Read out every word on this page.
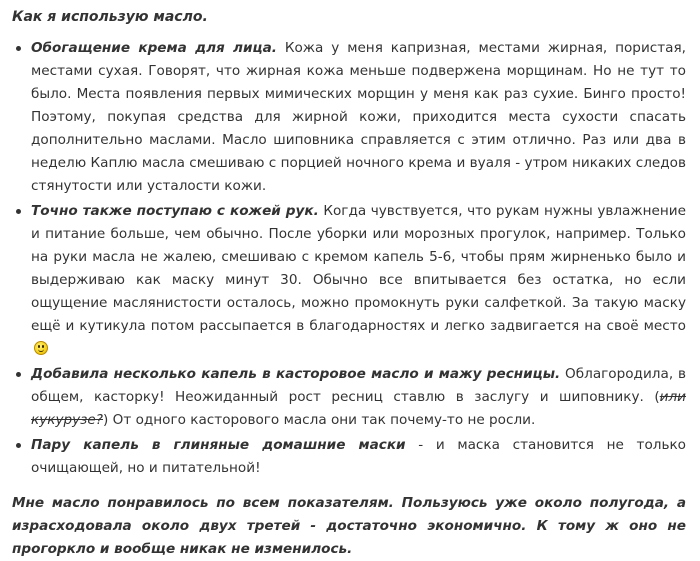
Как я использую масло.

Обогащение крема для лица. Кожа у меня капризная, местами жирная, пористая, местами сухая. Говорят, что жирная кожа меньше подвержена морщинам. Но не тут то было. Места появления первых мимических морщин у меня как раз сухие. Бинго просто! Поэтому, покупая средства для жирной кожи, приходится места сухости спасать дополнительно маслами. Масло шиповника справляется с этим отлично. Раз или два в неделю Каплю масла смешиваю с порцией ночного крема и вуаля - утром никаких следов стянутости или усталости кожи.
Точно также поступаю с кожей рук. Когда чувствуется, что рукам нужны увлажнение и питание больше, чем обычно. После уборки или морозных прогулок, например. Только на руки масла не жалею, смешиваю с кремом капель 5-6, чтобы прям жирненько было и выдерживаю как маску минут 30. Обычно все впитывается без остатка, но если ощущение маслянистости осталось, можно промокнуть руки салфеткой. За такую маску ещё и кутикула потом рассыпается в благодарностях и легко задвигается на своё место
Добавила несколько капель в касторовое масло и мажу ресницы. Облагородила, в общем, касторку! Неожиданный рост ресниц ставлю в заслугу и шиповнику. (или кукурузе?) От одного касторового масла они так почему-то не росли.
Пару капель в глиняные домашние маски - и маска становится не только очищающей, но и питательной!

Мне масло понравилось по всем показателям. Пользуюсь уже около полугода, а израсходовала около двух третей - достаточно экономично. К тому ж оно не прогоркло и вообще никак не изменилось.
